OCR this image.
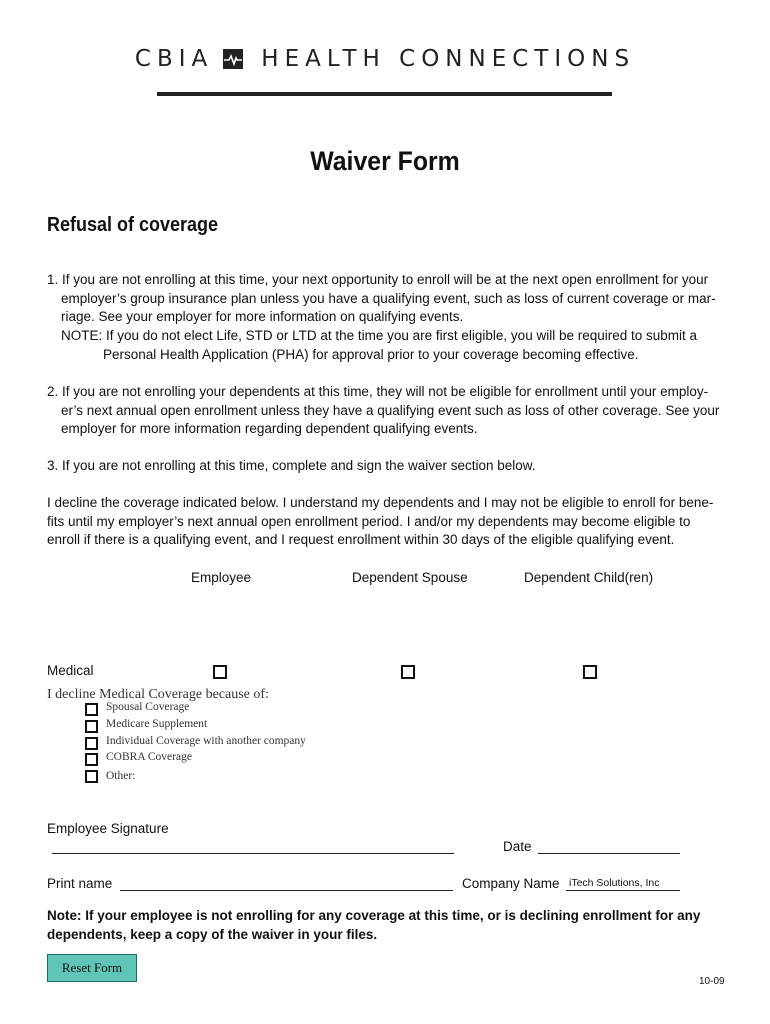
CBIA HEALTH CONNECTIONS
Waiver Form
Refusal of coverage
1. If you are not enrolling at this time, your next opportunity to enroll will be at the next open enrollment for your
employer’s group insurance plan unless you have a qualifying event, such as loss of current coverage or mar-
riage. See your employer for more information on qualifying events.
NOTE: If you do not elect Life, STD or LTD at the time you are first eligible, you will be required to submit a
Personal Health Application (PHA) for approval prior to your coverage becoming effective.
2. If you are not enrolling your dependents at this time, they will not be eligible for enrollment until your employ-
er’s next annual open enrollment unless they have a qualifying event such as loss of other coverage. See your
employer for more information regarding dependent qualifying events.
3. If you are not enrolling at this time, complete and sign the waiver section below.
I decline the coverage indicated below. I understand my dependents and I may not be eligible to enroll for bene-
fits until my employer’s next annual open enrollment period. I and/or my dependents may become eligible to
enroll if there is a qualifying event, and I request enrollment within 30 days of the eligible qualifying event.
Employee	Dependent Spouse	Dependent Child(ren)
Medical
I decline Medical Coverage because of:
Spousal Coverage
Medicare Supplement
Individual Coverage with another company
COBRA Coverage
Other:
Employee Signature
Date
Print name	Company Name iTech Solutions, Inc
Note: If your employee is not enrolling for any coverage at this time, or is declining enrollment for any
dependents, keep a copy of the waiver in your files.
Reset Form
10-09
